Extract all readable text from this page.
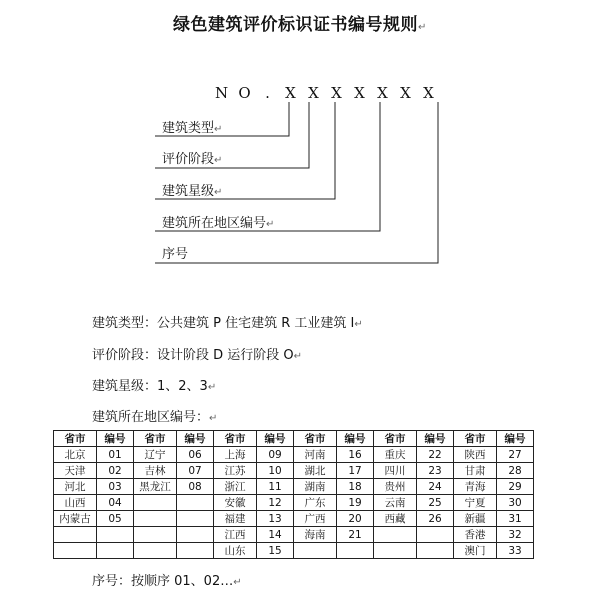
绿色建筑评价标识证书编号规则↵
N O . X X X X X X X
建筑类型↵
评价阶段↵
建筑星级↵
建筑所在地区编号↵
序号
建筑类型：公共建筑 P 住宅建筑 R 工业建筑 I↵
评价阶段：设计阶段 D 运行阶段 O↵
建筑星级：1、2、3↵
建筑所在地区编号：↵
省市	编号	省市	编号	省市	编号	省市	编号	省市	编号	省市	编号
北京	01	辽宁	06	上海	09	河南	16	重庆	22	陕西	27
天津	02	吉林	07	江苏	10	湖北	17	四川	23	甘肃	28
河北	03	黑龙江	08	浙江	11	湖南	18	贵州	24	青海	29
山西	04			安徽	12	广东	19	云南	25	宁夏	30
内蒙古	05			福建	13	广西	20	西藏	26	新疆	31
				江西	14	海南	21			香港	32
				山东	15					澳门	33
序号：按顺序 01、02…↵
